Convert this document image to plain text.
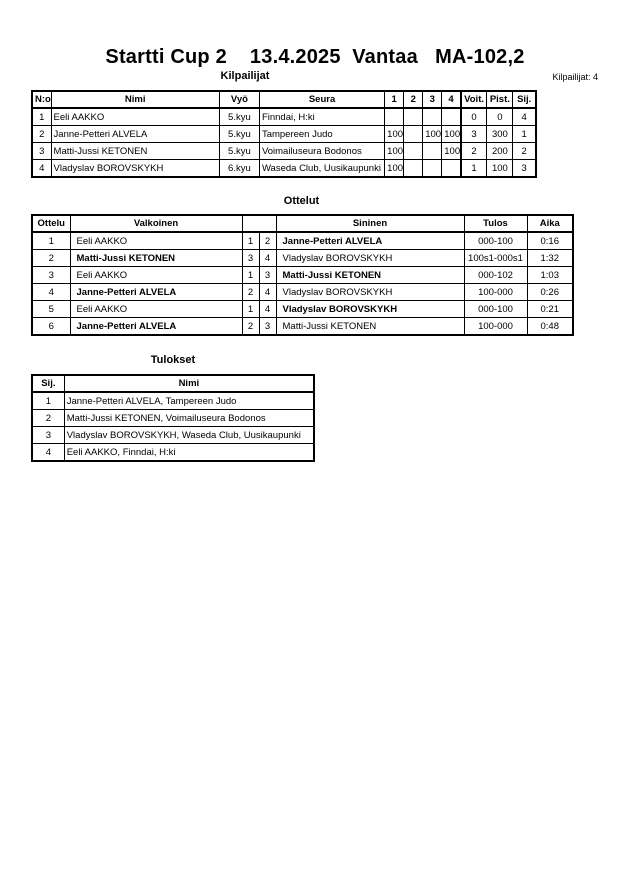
Startti Cup 2    13.4.2025  Vantaa   MA-102,2
Kilpailijat	Kilpailijat: 4
N:o	Nimi	Vyö	Seura	1	2	3	4	Voit.	Pist.	Sij.
1	Eeli AAKKO	5.kyu	Finndai, H:ki					0	0	4
2	Janne-Petteri ALVELA	5.kyu	Tampereen Judo	100		100	100	3	300	1
3	Matti-Jussi KETONEN	5.kyu	Voimailuseura Bodonos	100			100	2	200	2
4	Vladyslav BOROVSKYKH	6.kyu	Waseda Club, Uusikaupunki	100				1	100	3
Ottelut
Ottelu	Valkoinen			Sininen	Tulos	Aika
1	Eeli AAKKO	1	2	Janne-Petteri ALVELA	000-100	0:16
2	Matti-Jussi KETONEN	3	4	Vladyslav BOROVSKYKH	100s1-000s1	1:32
3	Eeli AAKKO	1	3	Matti-Jussi KETONEN	000-102	1:03
4	Janne-Petteri ALVELA	2	4	Vladyslav BOROVSKYKH	100-000	0:26
5	Eeli AAKKO	1	4	Vladyslav BOROVSKYKH	000-100	0:21
6	Janne-Petteri ALVELA	2	3	Matti-Jussi KETONEN	100-000	0:48
Tulokset
Sij.	Nimi
1	Janne-Petteri ALVELA, Tampereen Judo
2	Matti-Jussi KETONEN, Voimailuseura Bodonos
3	Vladyslav BOROVSKYKH, Waseda Club, Uusikaupunki
4	Eeli AAKKO, Finndai, H:ki
